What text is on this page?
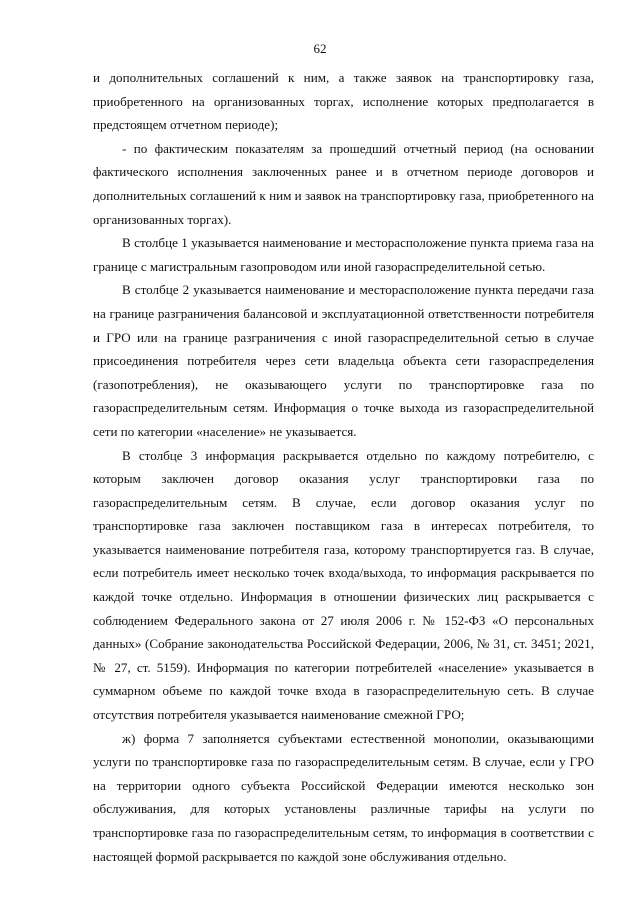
62

и дополнительных соглашений к ним, а также заявок на транспортировку газа, приобретенного на организованных торгах, исполнение которых предполагается в предстоящем отчетном периоде);

- по фактическим показателям за прошедший отчетный период (на основании фактического исполнения заключенных ранее и в отчетном периоде договоров и дополнительных соглашений к ним и заявок на транспортировку газа, приобретенного на организованных торгах).

В столбце 1 указывается наименование и месторасположение пункта приема газа на границе с магистральным газопроводом или иной газораспределительной сетью.

В столбце 2 указывается наименование и месторасположение пункта передачи газа на границе разграничения балансовой и эксплуатационной ответственности потребителя и ГРО или на границе разграничения с иной газораспределительной сетью в случае присоединения потребителя через сети владельца объекта сети газораспределения (газопотребления), не оказывающего услуги по транспортировке газа по газораспределительным сетям. Информация о точке выхода из газораспределительной сети по категории «население» не указывается.

В столбце 3 информация раскрывается отдельно по каждому потребителю, с которым заключен договор оказания услуг транспортировки газа по газораспределительным сетям. В случае, если договор оказания услуг по транспортировке газа заключен поставщиком газа в интересах потребителя, то указывается наименование потребителя газа, которому транспортируется газ. В случае, если потребитель имеет несколько точек входа/выхода, то информация раскрывается по каждой точке отдельно. Информация в отношении физических лиц раскрывается с соблюдением Федерального закона от 27 июля 2006 г. № 152-ФЗ «О персональных данных» (Собрание законодательства Российской Федерации, 2006, № 31, ст. 3451; 2021, № 27, ст. 5159). Информация по категории потребителей «население» указывается в суммарном объеме по каждой точке входа в газораспределительную сеть. В случае отсутствия потребителя указывается наименование смежной ГРО;

ж) форма 7 заполняется субъектами естественной монополии, оказывающими услуги по транспортировке газа по газораспределительным сетям. В случае, если у ГРО на территории одного субъекта Российской Федерации имеются несколько зон обслуживания, для которых установлены различные тарифы на услуги по транспортировке газа по газораспределительным сетям, то информация в соответствии с настоящей формой раскрывается по каждой зоне обслуживания отдельно.
